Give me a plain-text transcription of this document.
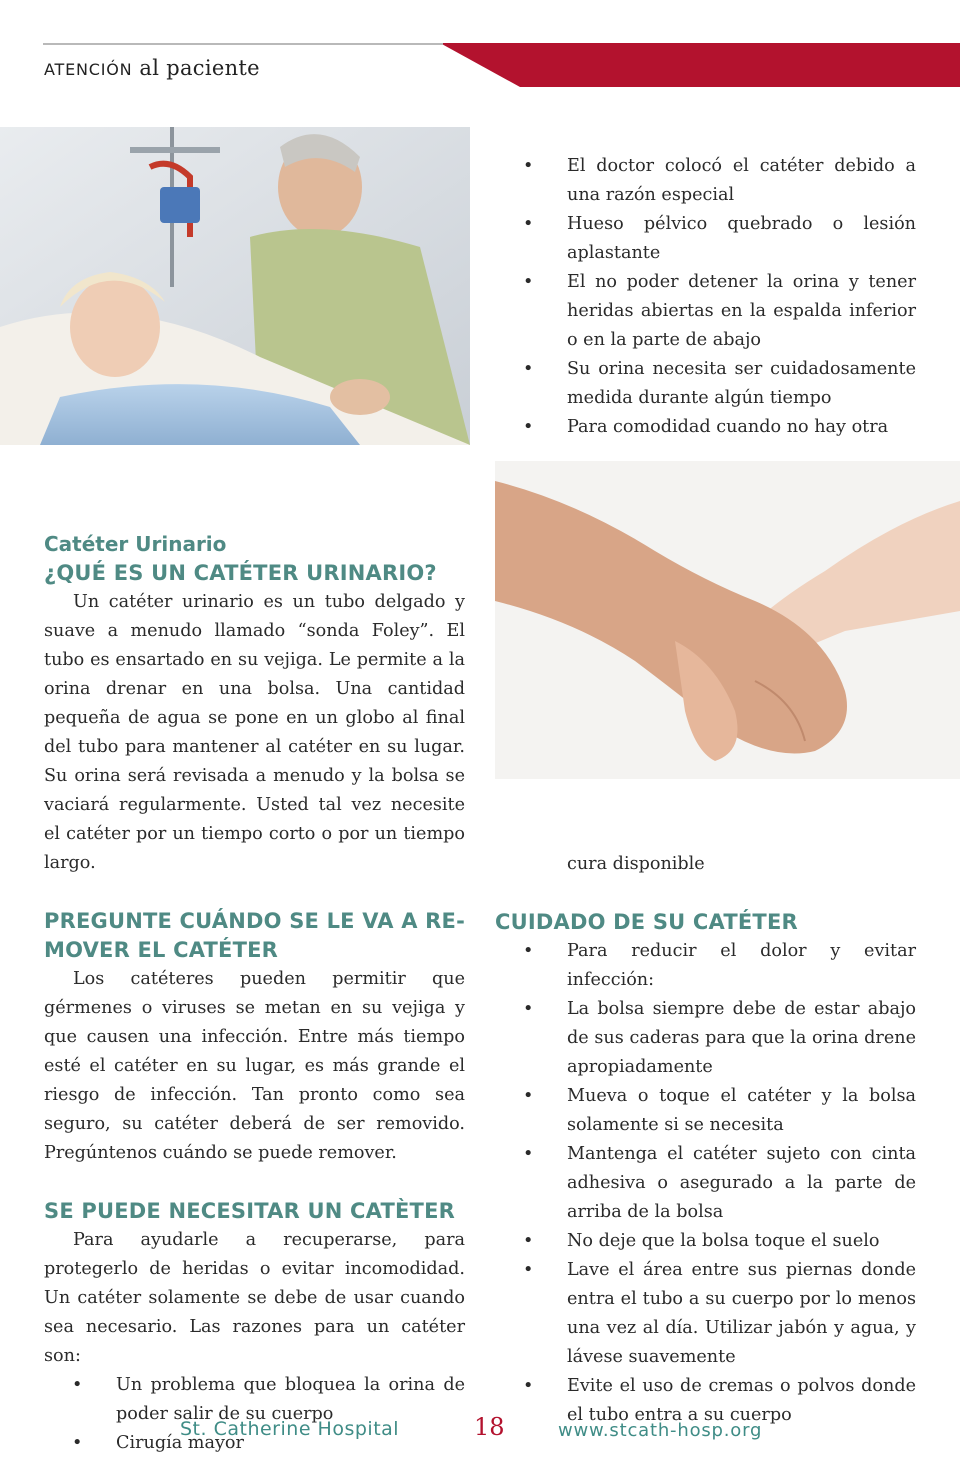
ATENCIÓN al paciente
• El doctor colocó el catéter debido a una razón especial
• Hueso pélvico quebrado o lesión aplastante
• El no poder detener la orina y tener heridas abiertas en la espalda inferior o en la parte de abajo
• Su orina necesita ser cuidadosamente medida durante algún tiempo
• Para comodidad cuando no hay otra
cura disponible
CUIDADO DE SU CATÉTER
• Para reducir el dolor y evitar infección:
• La bolsa siempre debe de estar abajo de sus caderas para que la orina drene apropiadamente
• Mueva o toque el catéter y la bolsa solamente si se necesita
• Mantenga el catéter sujeto con cinta adhesiva o asegurado a la parte de arriba de la bolsa
• No deje que la bolsa toque el suelo
• Lave el área entre sus piernas donde entra el tubo a su cuerpo por lo menos una vez al día. Utilizar jabón y agua, y lávese suavemente
• Evite el uso de cremas o polvos donde el tubo entra a su cuerpo
Catéter Urinario
¿QUÉ ES UN CATÉTER URINARIO?

Un catéter urinario es un tubo delgado y suave a menudo llamado “sonda Foley”. El tubo es ensartado en su vejiga. Le permite a la orina drenar en una bolsa. Una cantidad pequeña de agua se pone en un globo al final del tubo para mantener al catéter en su lugar. Su orina será revisada a menudo y la bolsa se vaciará regularmente. Usted tal vez necesite el catéter por un tiempo corto o por un tiempo largo.

PREGUNTE CUÁNDO SE LE VA A RE-
MOVER EL CATÉTER

Los catéteres pueden permitir que gérmenes o viruses se metan en su vejiga y que causen una infección. Entre más tiempo esté el catéter en su lugar, es más grande el riesgo de infección. Tan pronto como sea seguro, su catéter deberá de ser removido. Pregúntenos cuándo se puede remover.

SE PUEDE NECESITAR UN CATÈTER

Para ayudarle a recuperarse, para protegerlo de heridas o evitar incomodidad. Un catéter solamente se debe de usar cuando sea necesario. Las razones para un catéter son:

• Un problema que bloquea la orina de poder salir de su cuerpo
• Cirugía mayor
St. Catherine Hospital	18	www.stcath-hosp.org
